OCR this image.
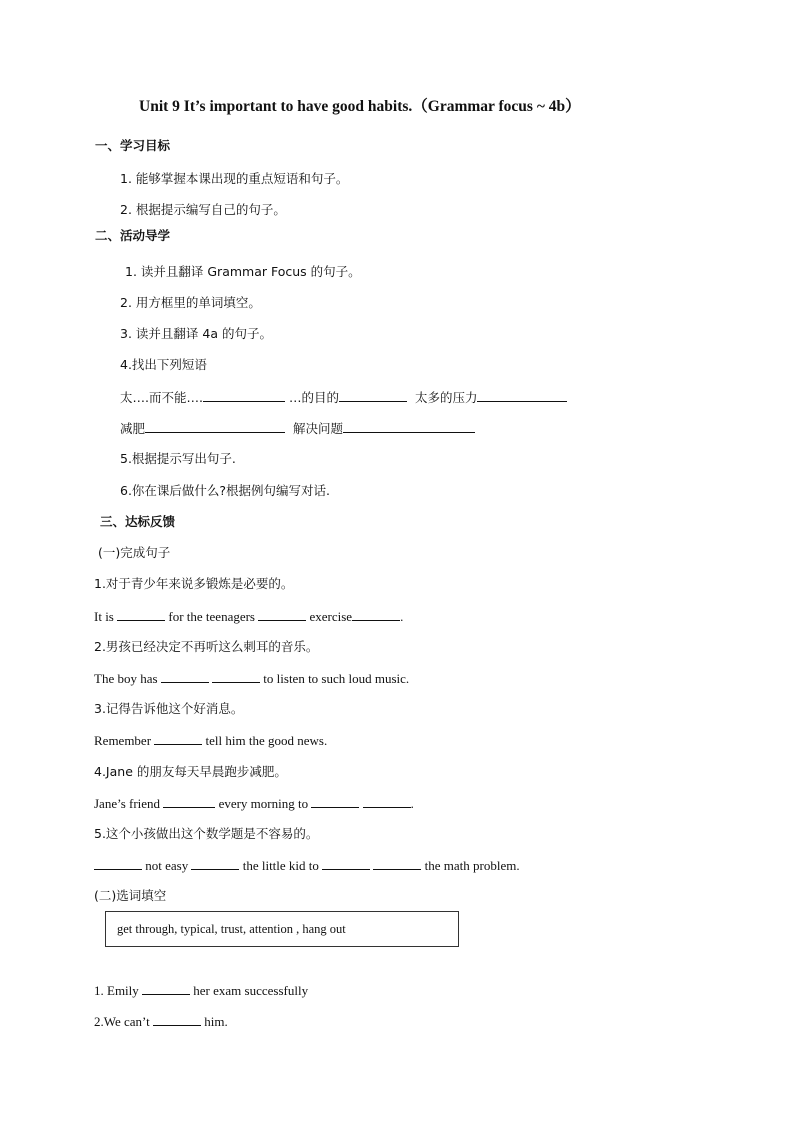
Unit 9 It’s important to have good habits.（Grammar focus ~ 4b）
一、学习目标
1. 能够掌握本课出现的重点短语和句子。
2. 根据提示编写自己的句子。
二、活动导学
1. 读并且翻译 Grammar Focus 的句子。
2. 用方框里的单词填空。
3. 读并且翻译 4a 的句子。
4.找出下列短语
太….而不能….	…的目的	太多的压力
减肥	解决问题
5.根据提示写出句子.
6.你在课后做什么?根据例句编写对话.
三、达标反馈
(一)完成句子
1.对于青少年来说多锻炼是必要的。
It is	for the teenagers	exercise	.
2.男孩已经决定不再听这么刺耳的音乐。
The boy has	to listen to such loud music.
3.记得告诉他这个好消息。
Remember	tell him the good news.
4.Jane 的朋友每天早晨跑步减肥。
Jane’s friend	every morning to	.
5.这个小孩做出这个数学题是不容易的。
not easy	the little kid to	the math problem.
(二)选词填空
get through, typical, trust, attention , hang out
1. Emily	her exam successfully
2.We can’t	him.
